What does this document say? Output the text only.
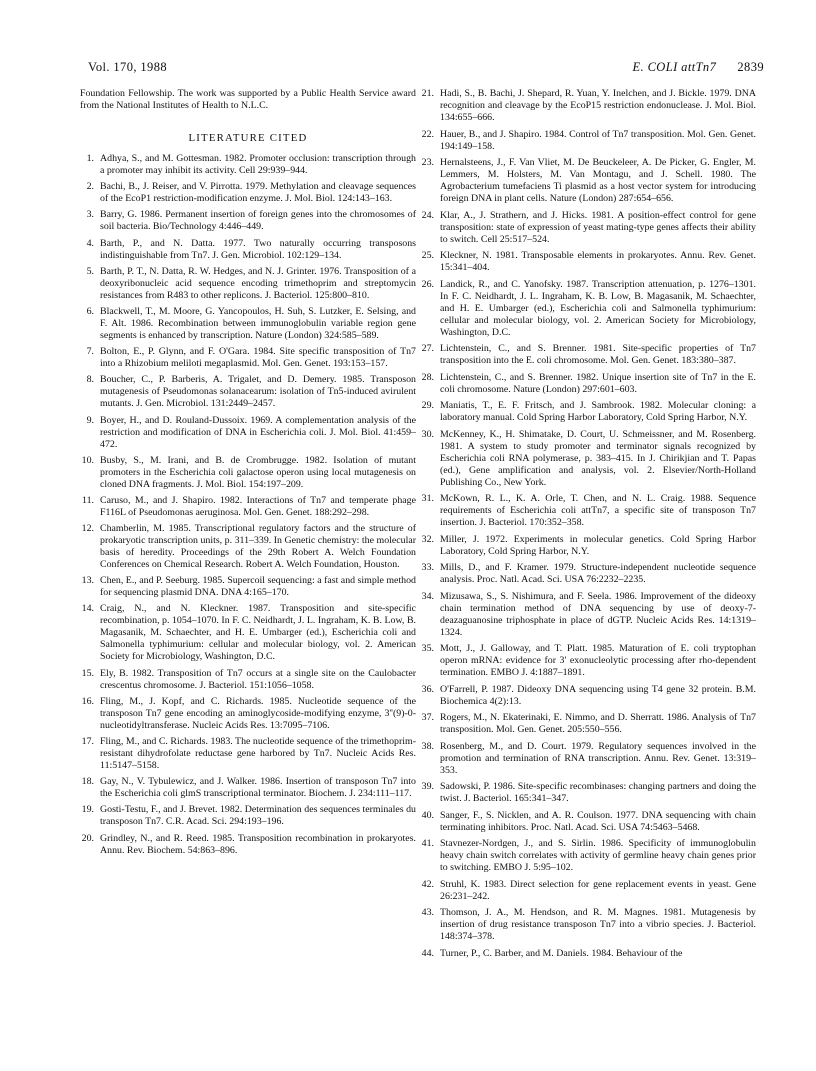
Vol. 170, 1988	E. COLI attTn7 2839

Foundation Fellowship. The work was supported by a Public Health Service award from the National Institutes of Health to N.L.C.

LITERATURE CITED
1. Adhya, S., and M. Gottesman. 1982. Promoter occlusion: transcription through a promoter may inhibit its activity. Cell 29:939–944.
2. Bachi, B., J. Reiser, and V. Pirrotta. 1979. Methylation and cleavage sequences of the EcoP1 restriction-modification enzyme. J. Mol. Biol. 124:143–163.
3. Barry, G. 1986. Permanent insertion of foreign genes into the chromosomes of soil bacteria. Bio/Technology 4:446–449.
4. Barth, P., and N. Datta. 1977. Two naturally occurring transposons indistinguishable from Tn7. J. Gen. Microbiol. 102:129–134.
5. Barth, P. T., N. Datta, R. W. Hedges, and N. J. Grinter. 1976. Transposition of a deoxyribonucleic acid sequence encoding trimethoprim and streptomycin resistances from R483 to other replicons. J. Bacteriol. 125:800–810.
6. Blackwell, T., M. Moore, G. Yancopoulos, H. Suh, S. Lutzker, E. Selsing, and F. Alt. 1986. Recombination between immunoglobulin variable region gene segments is enhanced by transcription. Nature (London) 324:585–589.
7. Bolton, E., P. Glynn, and F. O'Gara. 1984. Site specific transposition of Tn7 into a Rhizobium meliloti megaplasmid. Mol. Gen. Genet. 193:153–157.
8. Boucher, C., P. Barberis, A. Trigalet, and D. Demery. 1985. Transposon mutagenesis of Pseudomonas solanacearum: isolation of Tn5-induced avirulent mutants. J. Gen. Microbiol. 131:2449–2457.
9. Boyer, H., and D. Rouland-Dussoix. 1969. A complementation analysis of the restriction and modification of DNA in Escherichia coli. J. Mol. Biol. 41:459–472.
10. Busby, S., M. Irani, and B. de Crombrugge. 1982. Isolation of mutant promoters in the Escherichia coli galactose operon using local mutagenesis on cloned DNA fragments. J. Mol. Biol. 154:197–209.
11. Caruso, M., and J. Shapiro. 1982. Interactions of Tn7 and temperate phage F116L of Pseudomonas aeruginosa. Mol. Gen. Genet. 188:292–298.
12. Chamberlin, M. 1985. Transcriptional regulatory factors and the structure of prokaryotic transcription units, p. 311–339. In Genetic chemistry: the molecular basis of heredity. Proceedings of the 29th Robert A. Welch Foundation Conferences on Chemical Research. Robert A. Welch Foundation, Houston.
13. Chen, E., and P. Seeburg. 1985. Supercoil sequencing: a fast and simple method for sequencing plasmid DNA. DNA 4:165–170.
14. Craig, N., and N. Kleckner. 1987. Transposition and site-specific recombination, p. 1054–1070. In F. C. Neidhardt, J. L. Ingraham, K. B. Low, B. Magasanik, M. Schaechter, and H. E. Umbarger (ed.), Escherichia coli and Salmonella typhimurium: cellular and molecular biology, vol. 2. American Society for Microbiology, Washington, D.C.
15. Ely, B. 1982. Transposition of Tn7 occurs at a single site on the Caulobacter crescentus chromosome. J. Bacteriol. 151:1056–1058.
16. Fling, M., J. Kopf, and C. Richards. 1985. Nucleotide sequence of the transposon Tn7 gene encoding an aminoglycoside-modifying enzyme, 3''(9)-0-nucleotidyltransferase. Nucleic Acids Res. 13:7095–7106.
17. Fling, M., and C. Richards. 1983. The nucleotide sequence of the trimethoprim-resistant dihydrofolate reductase gene harbored by Tn7. Nucleic Acids Res. 11:5147–5158.
18. Gay, N., V. Tybulewicz, and J. Walker. 1986. Insertion of transposon Tn7 into the Escherichia coli glmS transcriptional terminator. Biochem. J. 234:111–117.
19. Gosti-Testu, F., and J. Brevet. 1982. Determination des sequences terminales du transposon Tn7. C.R. Acad. Sci. 294:193–196.
20. Grindley, N., and R. Reed. 1985. Transposition recombination in prokaryotes. Annu. Rev. Biochem. 54:863–896.
21. Hadi, S., B. Bachi, J. Shepard, R. Yuan, Y. Inelchen, and J. Bickle. 1979. DNA recognition and cleavage by the EcoP15 restriction endonuclease. J. Mol. Biol. 134:655–666.
22. Hauer, B., and J. Shapiro. 1984. Control of Tn7 transposition. Mol. Gen. Genet. 194:149–158.
23. Hernalsteens, J., F. Van Vliet, M. De Beuckeleer, A. De Picker, G. Engler, M. Lemmers, M. Holsters, M. Van Montagu, and J. Schell. 1980. The Agrobacterium tumefaciens Ti plasmid as a host vector system for introducing foreign DNA in plant cells. Nature (London) 287:654–656.
24. Klar, A., J. Strathern, and J. Hicks. 1981. A position-effect control for gene transposition: state of expression of yeast mating-type genes affects their ability to switch. Cell 25:517–524.
25. Kleckner, N. 1981. Transposable elements in prokaryotes. Annu. Rev. Genet. 15:341–404.
26. Landick, R., and C. Yanofsky. 1987. Transcription attenuation, p. 1276–1301. In F. C. Neidhardt, J. L. Ingraham, K. B. Low, B. Magasanik, M. Schaechter, and H. E. Umbarger (ed.), Escherichia coli and Salmonella typhimurium: cellular and molecular biology, vol. 2. American Society for Microbiology, Washington, D.C.
27. Lichtenstein, C., and S. Brenner. 1981. Site-specific properties of Tn7 transposition into the E. coli chromosome. Mol. Gen. Genet. 183:380–387.
28. Lichtenstein, C., and S. Brenner. 1982. Unique insertion site of Tn7 in the E. coli chromosome. Nature (London) 297:601–603.
29. Maniatis, T., E. F. Fritsch, and J. Sambrook. 1982. Molecular cloning: a laboratory manual. Cold Spring Harbor Laboratory, Cold Spring Harbor, N.Y.
30. McKenney, K., H. Shimatake, D. Court, U. Schmeissner, and M. Rosenberg. 1981. A system to study promoter and terminator signals recognized by Escherichia coli RNA polymerase, p. 383–415. In J. Chirikjian and T. Papas (ed.), Gene amplification and analysis, vol. 2. Elsevier/North-Holland Publishing Co., New York.
31. McKown, R. L., K. A. Orle, T. Chen, and N. L. Craig. 1988. Sequence requirements of Escherichia coli attTn7, a specific site of transposon Tn7 insertion. J. Bacteriol. 170:352–358.
32. Miller, J. 1972. Experiments in molecular genetics. Cold Spring Harbor Laboratory, Cold Spring Harbor, N.Y.
33. Mills, D., and F. Kramer. 1979. Structure-independent nucleotide sequence analysis. Proc. Natl. Acad. Sci. USA 76:2232–2235.
34. Mizusawa, S., S. Nishimura, and F. Seela. 1986. Improvement of the dideoxy chain termination method of DNA sequencing by use of deoxy-7-deazaguanosine triphosphate in place of dGTP. Nucleic Acids Res. 14:1319–1324.
35. Mott, J., J. Galloway, and T. Platt. 1985. Maturation of E. coli tryptophan operon mRNA: evidence for 3' exonucleolytic processing after rho-dependent termination. EMBO J. 4:1887–1891.
36. O'Farrell, P. 1987. Dideoxy DNA sequencing using T4 gene 32 protein. B.M. Biochemica 4(2):13.
37. Rogers, M., N. Ekaterinaki, E. Nimmo, and D. Sherratt. 1986. Analysis of Tn7 transposition. Mol. Gen. Genet. 205:550–556.
38. Rosenberg, M., and D. Court. 1979. Regulatory sequences involved in the promotion and termination of RNA transcription. Annu. Rev. Genet. 13:319–353.
39. Sadowski, P. 1986. Site-specific recombinases: changing partners and doing the twist. J. Bacteriol. 165:341–347.
40. Sanger, F., S. Nicklen, and A. R. Coulson. 1977. DNA sequencing with chain terminating inhibitors. Proc. Natl. Acad. Sci. USA 74:5463–5468.
41. Stavnezer-Nordgen, J., and S. Sirlin. 1986. Specificity of immunoglobulin heavy chain switch correlates with activity of germline heavy chain genes prior to switching. EMBO J. 5:95–102.
42. Struhl, K. 1983. Direct selection for gene replacement events in yeast. Gene 26:231–242.
43. Thomson, J. A., M. Hendson, and R. M. Magnes. 1981. Mutagenesis by insertion of drug resistance transposon Tn7 into a vibrio species. J. Bacteriol. 148:374–378.
44. Turner, P., C. Barber, and M. Daniels. 1984. Behaviour of the
